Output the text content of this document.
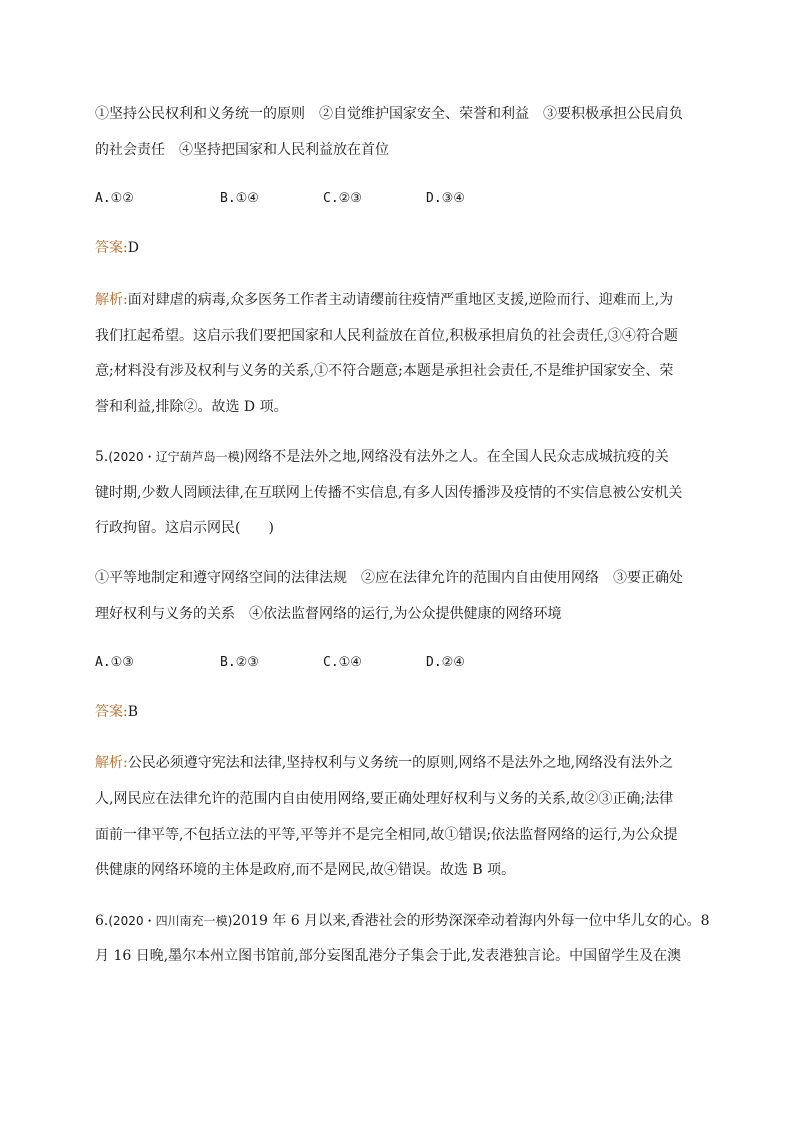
①坚持公民权利和义务统一的原则　②自觉维护国家安全、荣誉和利益　③要积极承担公民肩负
的社会责任　④坚持把国家和人民利益放在首位
A.①②	B.①④	C.②③	D.③④
答案:D
解析:面对肆虐的病毒,众多医务工作者主动请缨前往疫情严重地区支援,逆险而行、迎难而上,为
我们扛起希望。这启示我们要把国家和人民利益放在首位,积极承担肩负的社会责任,③④符合题
意;材料没有涉及权利与义务的关系,①不符合题意;本题是承担社会责任,不是维护国家安全、荣
誉和利益,排除②。故选 D 项。
5.(2020・辽宁葫芦岛一模)网络不是法外之地,网络没有法外之人。在全国人民众志成城抗疫的关
键时期,少数人罔顾法律,在互联网上传播不实信息,有多人因传播涉及疫情的不实信息被公安机关
行政拘留。这启示网民(　　)
①平等地制定和遵守网络空间的法律法规　②应在法律允许的范围内自由使用网络　③要正确处
理好权利与义务的关系　④依法监督网络的运行,为公众提供健康的网络环境
A.①③	B.②③	C.①④	D.②④
答案:B
解析:公民必须遵守宪法和法律,坚持权利与义务统一的原则,网络不是法外之地,网络没有法外之
人,网民应在法律允许的范围内自由使用网络,要正确处理好权利与义务的关系,故②③正确;法律
面前一律平等,不包括立法的平等,平等并不是完全相同,故①错误;依法监督网络的运行,为公众提
供健康的网络环境的主体是政府,而不是网民,故④错误。故选 B 项。
6.(2020・四川南充一模)2019 年 6 月以来,香港社会的形势深深牵动着海内外每一位中华儿女的心。8
月 16 日晚,墨尔本州立图书馆前,部分妄图乱港分子集会于此,发表港独言论。中国留学生及在澳
